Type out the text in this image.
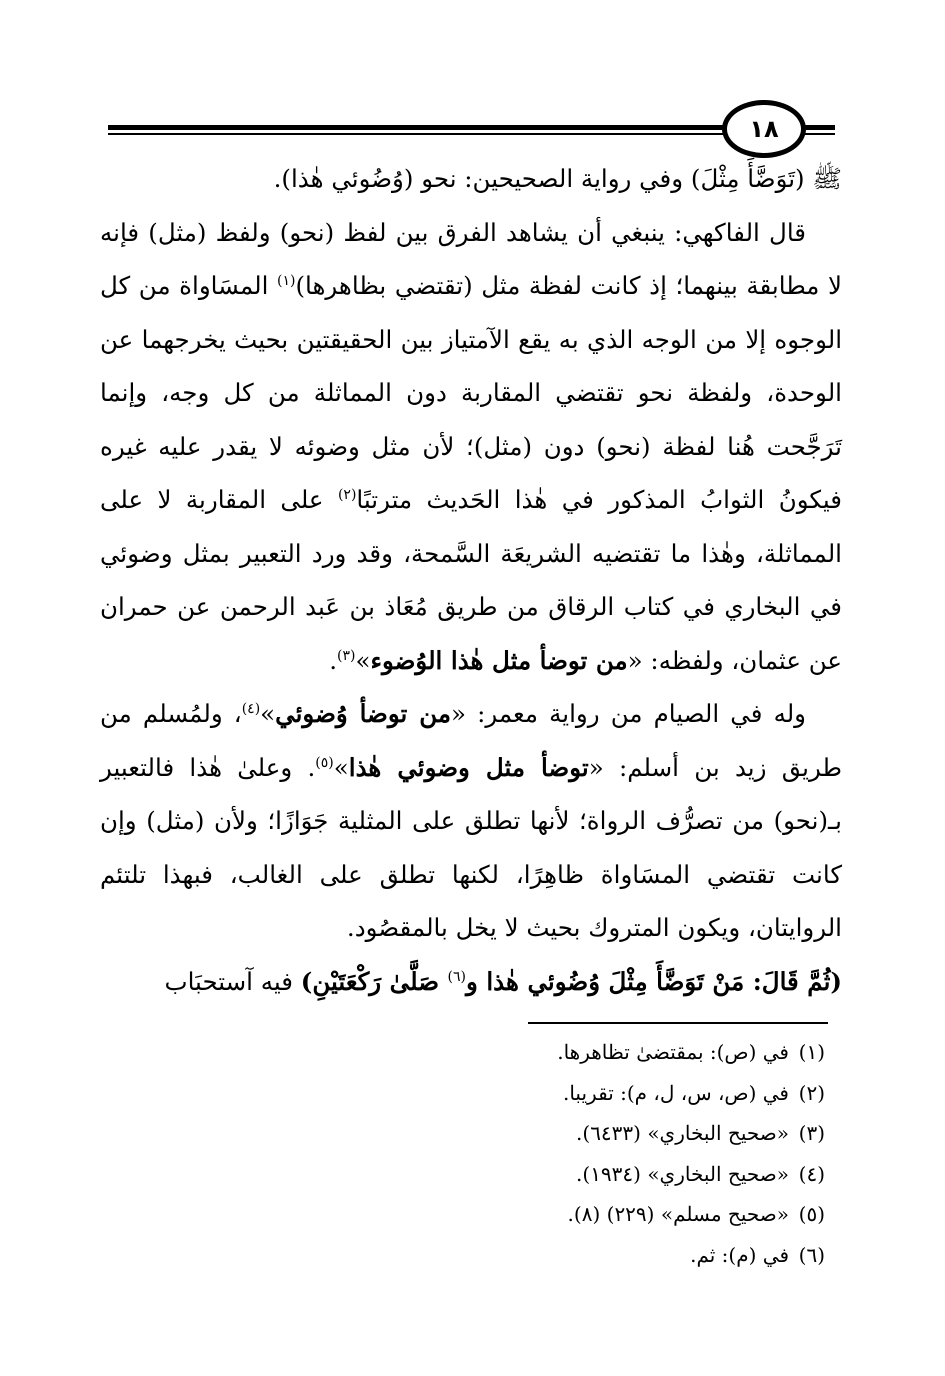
١٨

ﷺ (تَوَضَّأَ مِثْلَ) وفي رواية الصحيحين: نحو (وُضُوئي هٰذا).

قال الفاكهي: ينبغي أن يشاهد الفرق بين لفظ (نحو) ولفظ (مثل) فإنه لا مطابقة بينهما؛ إذ كانت لفظة مثل (تقتضي بظاهرها)$^{(١)}$ المسَاواة من كل الوجوه إلا من الوجه الذي به يقع الآمتياز بين الحقيقتين بحيث يخرجهما عن الوحدة، ولفظة نحو تقتضي المقاربة دون المماثلة من كل وجه، وإنما تَرَجَّحت هُنا لفظة (نحو) دون (مثل)؛ لأن مثل وضوئه لا يقدر عليه غيره فيكونُ الثوابُ المذكور في هٰذا الحَديث مترتبًا$^{(٢)}$ على المقاربة لا على المماثلة، وهٰذا ما تقتضيه الشريعَة السَّمحة، وقد ورد التعبير بمثل وضوئي في البخاري في كتاب الرقاق من طريق مُعَاذ بن عَبد الرحمن عن حمران عن عثمان، ولفظه: «من توضأ مثل هٰذا الوُضوء»$^{(٣)}$.

وله في الصيام من رواية معمر: «من توضأ وُضوئي»$^{(٤)}$، ولمُسلم من طريق زيد بن أسلم: «توضأ مثل وضوئي هٰذا»$^{(٥)}$. وعلىٰ هٰذا فالتعبير بـ(نحو) من تصرُّف الرواة؛ لأنها تطلق على المثلية جَوَازًا؛ ولأن (مثل) وإن كانت تقتضي المسَاواة ظاهِرًا، لكنها تطلق على الغالب، فبهذا تلتئم الروايتان، ويكون المتروك بحيث لا يخل بالمقصُود.

(ثُمَّ قَالَ: مَنْ تَوَضَّأَ مِثْلَ وُضُوئي هٰذا و$^{(٦)}$ صَلَّىٰ رَكْعَتَيْنِ) فيه آستحبَاب

(١)
في (ص): بمقتضىٰ تظاهرها.
(٢)
في (ص، س، ل، م): تقريبا.
(٣)
«صحيح البخاري» (٦٤٣٣).
(٤)
«صحيح البخاري» (١٩٣٤).
(٥)
«صحيح مسلم» (٢٢٩) (٨).
(٦)
في (م): ثم.
